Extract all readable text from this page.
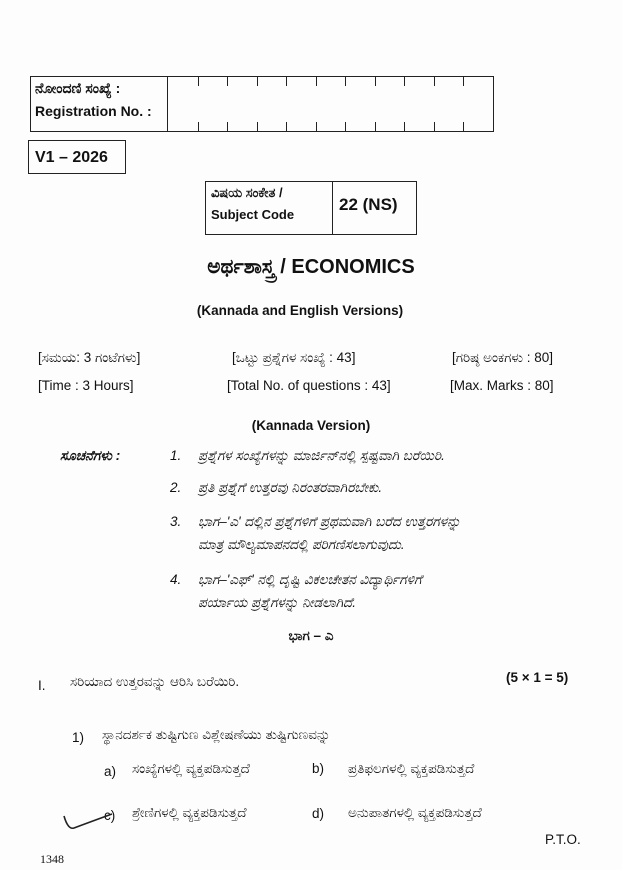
ನೋಂದಣಿ ಸಂಖ್ಯೆ :
Registration No. :
V1 – 2026
ವಿಷಯ ಸಂಕೇತ /
Subject Code
22 (NS)
ಅರ್ಥಶಾಸ್ತ್ರ / ECONOMICS
(Kannada and English Versions)
[ಸಮಯ: 3 ಗಂಟೆಗಳು]	[ಒಟ್ಟು ಪ್ರಶ್ನೆಗಳ ಸಂಖ್ಯೆ : 43]	[ಗರಿಷ್ಠ ಅಂಕಗಳು : 80]
[Time : 3 Hours]	[Total No. of questions : 43]	[Max. Marks : 80]
(Kannada Version)
ಸೂಚನೆಗಳು :	1. ಪ್ರಶ್ನೆಗಳ ಸಂಖ್ಯೆಗಳನ್ನು ಮಾರ್ಜಿನ್‌ನಲ್ಲಿ ಸ್ಪಷ್ಟವಾಗಿ ಬರೆಯಿರಿ.
2. ಪ್ರತಿ ಪ್ರಶ್ನೆಗೆ ಉತ್ತರವು ನಿರಂತರವಾಗಿರಬೇಕು.
3. ಭಾಗ–'ಎ' ದಲ್ಲಿನ ಪ್ರಶ್ನೆಗಳಿಗೆ ಪ್ರಥಮವಾಗಿ ಬರೆದ ಉತ್ತರಗಳನ್ನು
ಮಾತ್ರ ಮೌಲ್ಯಮಾಪನದಲ್ಲಿ ಪರಿಗಣಿಸಲಾಗುವುದು.
4. ಭಾಗ–'ಎಫ್' ನಲ್ಲಿ ದೃಷ್ಟಿ ವಿಕಲಚೇತನ ವಿದ್ಯಾರ್ಥಿಗಳಿಗೆ
ಪರ್ಯಾಯ ಪ್ರಶ್ನೆಗಳನ್ನು ನೀಡಲಾಗಿದೆ.
ಭಾಗ – ಎ
I. ಸರಿಯಾದ ಉತ್ತರವನ್ನು ಆರಿಸಿ ಬರೆಯಿರಿ.	(5 × 1 = 5)
1) ಸ್ಥಾನದರ್ಶಕ ತುಷ್ಟಿಗುಣ ವಿಶ್ಲೇಷಣೆಯು ತುಷ್ಟಿಗುಣವನ್ನು
a) ಸಂಖ್ಯೆಗಳಲ್ಲಿ ವ್ಯಕ್ತಪಡಿಸುತ್ತದೆ	b) ಪ್ರತಿಫಲಗಳಲ್ಲಿ ವ್ಯಕ್ತಪಡಿಸುತ್ತದೆ
c) ಶ್ರೇಣಿಗಳಲ್ಲಿ ವ್ಯಕ್ತಪಡಿಸುತ್ತದೆ	d) ಅನುಪಾತಗಳಲ್ಲಿ ವ್ಯಕ್ತಪಡಿಸುತ್ತದೆ
P.T.O.
1348
